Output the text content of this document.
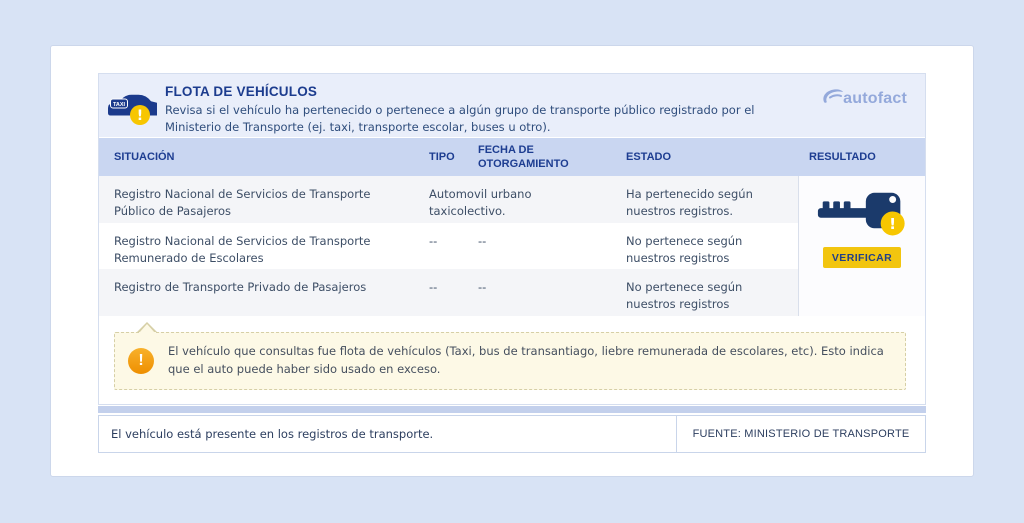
TAXI
!
FLOTA DE VEHÍCULOS
Revisa si el vehículo ha pertenecido o pertenece a algún grupo de transporte público registrado por el Ministerio de Transporte (ej. taxi, transporte escolar, buses u otro).
autofact
SITUACIÓN	TIPO	FECHA DE OTORGAMIENTO	ESTADO
Registro Nacional de Servicios de Transporte Público de Pasajeros	Automovil urbano taxicolectivo.		Ha pertenecido según nuestros registros.
Registro Nacional de Servicios de Transporte Remunerado de Escolares	--	--	No pertenece según nuestros registros
Registro de Transporte Privado de Pasajeros	--	--	No pertenece según nuestros registros
RESULTADO
!
VERIFICAR
!
El vehículo que consultas fue flota de vehículos (Taxi, bus de transantiago, liebre remunerada de escolares, etc). Esto indica que el auto puede haber sido usado en exceso.
El vehículo está presente en los registros de transporte.	FUENTE: MINISTERIO DE TRANSPORTE
